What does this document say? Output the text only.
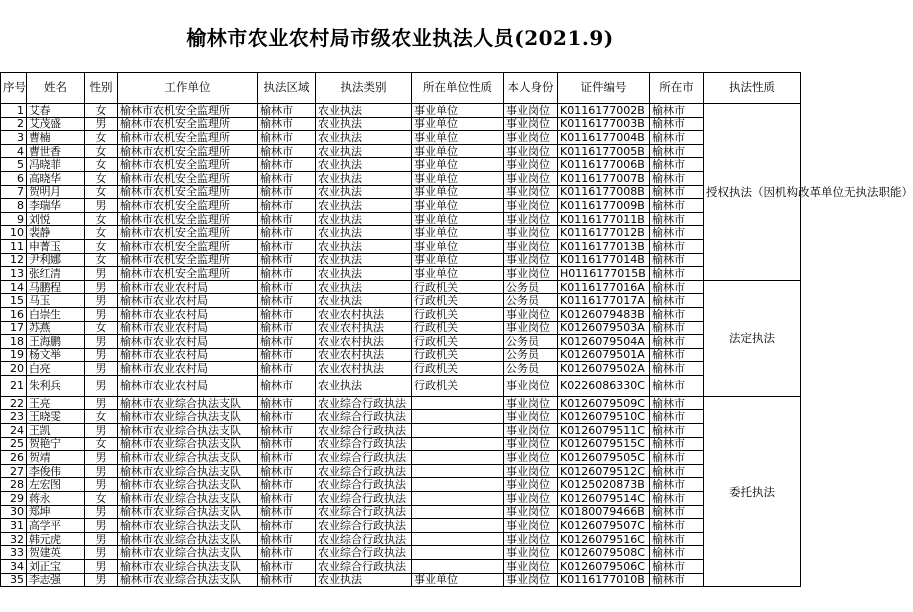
榆林市农业农村局市级农业执法人员(2021.9)
序号	姓名	性别	工作单位	执法区域	执法类别	所在单位性质	本人身份	证件编号	所在市	执法性质
1	艾春	女	榆林市农机安全监理所	榆林市	农业执法	事业单位	事业岗位	K0116177002B	榆林市	授权执法（因机构改革单位无执法职能）
2	艾茂盛	男	榆林市农机安全监理所	榆林市	农业执法	事业单位	事业岗位	K0116177003B	榆林市	
3	曹楠	女	榆林市农机安全监理所	榆林市	农业执法	事业单位	事业岗位	K0116177004B	榆林市	
4	曹世香	女	榆林市农机安全监理所	榆林市	农业执法	事业单位	事业岗位	K0116177005B	榆林市	
5	冯晓菲	女	榆林市农机安全监理所	榆林市	农业执法	事业单位	事业岗位	K0116177006B	榆林市	
6	高晓华	女	榆林市农机安全监理所	榆林市	农业执法	事业单位	事业岗位	K0116177007B	榆林市	
7	贺明月	女	榆林市农机安全监理所	榆林市	农业执法	事业单位	事业岗位	K0116177008B	榆林市	
8	李瑞华	男	榆林市农机安全监理所	榆林市	农业执法	事业单位	事业岗位	K0116177009B	榆林市	
9	刘悦	女	榆林市农机安全监理所	榆林市	农业执法	事业单位	事业岗位	K0116177011B	榆林市	
10	裴静	女	榆林市农机安全监理所	榆林市	农业执法	事业单位	事业岗位	K0116177012B	榆林市	
11	申菁玉	女	榆林市农机安全监理所	榆林市	农业执法	事业单位	事业岗位	K0116177013B	榆林市	
12	尹利娜	女	榆林市农机安全监理所	榆林市	农业执法	事业单位	事业岗位	K0116177014B	榆林市	
13	张红清	男	榆林市农机安全监理所	榆林市	农业执法	事业单位	事业岗位	H0116177015B	榆林市	
14	马鹏程	男	榆林市农业农村局	榆林市	农业执法	行政机关	公务员	K0116177016A	榆林市	法定执法
15	马玉	男	榆林市农业农村局	榆林市	农业执法	行政机关	公务员	K0116177017A	榆林市	
16	白崇生	男	榆林市农业农村局	榆林市	农业农村执法	行政机关	事业岗位	K0126079483B	榆林市	
17	苏燕	女	榆林市农业农村局	榆林市	农业农村执法	行政机关	事业岗位	K0126079503A	榆林市	
18	王海鹏	男	榆林市农业农村局	榆林市	农业农村执法	行政机关	公务员	K0126079504A	榆林市	
19	杨文举	男	榆林市农业农村局	榆林市	农业农村执法	行政机关	公务员	K0126079501A	榆林市	
20	白亮	男	榆林市农业农村局	榆林市	农业农村执法	行政机关	公务员	K0126079502A	榆林市	
21	朱利兵	男	榆林市农业农村局	榆林市	农业执法	行政机关	事业岗位	K0226086330C	榆林市	
22	王亮	男	榆林市农业综合执法支队	榆林市	农业综合行政执法		事业岗位	K0126079509C	榆林市	委托执法
23	王晓雯	女	榆林市农业综合执法支队	榆林市	农业综合行政执法		事业岗位	K0126079510C	榆林市	
24	王凯	男	榆林市农业综合执法支队	榆林市	农业综合行政执法		事业岗位	K0126079511C	榆林市	
25	贺艳宁	女	榆林市农业综合执法支队	榆林市	农业综合行政执法		事业岗位	K0126079515C	榆林市	
26	贺靖	男	榆林市农业综合执法支队	榆林市	农业综合行政执法		事业岗位	K0126079505C	榆林市	
27	李俊伟	男	榆林市农业综合执法支队	榆林市	农业综合行政执法		事业岗位	K0126079512C	榆林市	
28	左宏图	男	榆林市农业综合执法支队	榆林市	农业综合行政执法		事业岗位	K0125020873B	榆林市	
29	蒋永	女	榆林市农业综合执法支队	榆林市	农业综合行政执法		事业岗位	K0126079514C	榆林市	
30	郑坤	男	榆林市农业综合执法支队	榆林市	农业综合行政执法		事业岗位	K0180079466B	榆林市	
31	高学平	男	榆林市农业综合执法支队	榆林市	农业综合行政执法		事业岗位	K0126079507C	榆林市	
32	韩元虎	男	榆林市农业综合执法支队	榆林市	农业综合行政执法		事业岗位	K0126079516C	榆林市	
33	贺建英	男	榆林市农业综合执法支队	榆林市	农业综合行政执法		事业岗位	K0126079508C	榆林市	
34	刘正宝	男	榆林市农业综合执法支队	榆林市	农业综合行政执法		事业岗位	K0126079506C	榆林市	
35	李志强	男	榆林市农业综合执法支队	榆林市	农业执法	事业单位	事业岗位	K0116177010B	榆林市	
